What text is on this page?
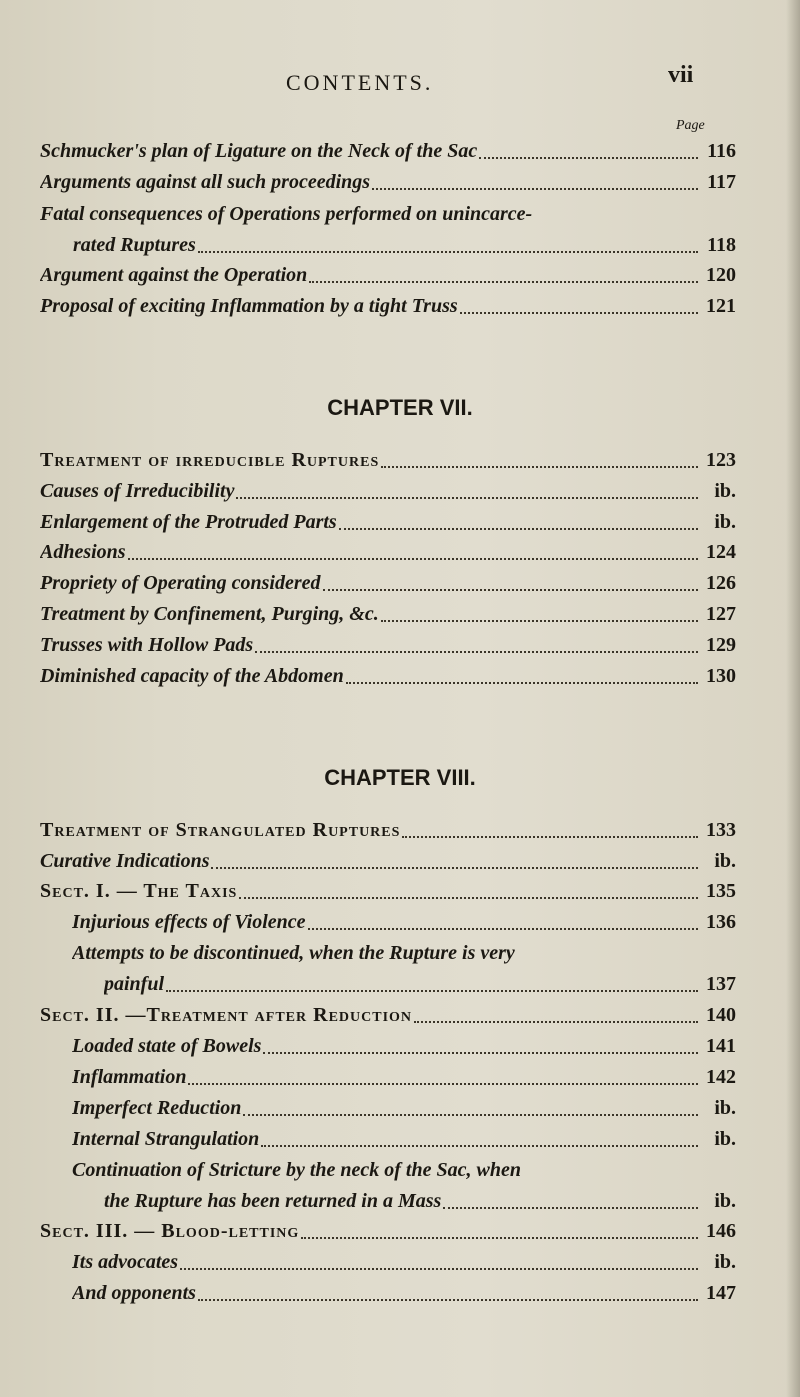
CONTENTS.	vii
Page
Schmucker's plan of Ligature on the Neck of the Sac	116
Arguments against all such proceedings	117
Fatal consequences of Operations performed on unincarce-
rated Ruptures	118
Argument against the Operation	120
Proposal of exciting Inflammation by a tight Truss	121
CHAPTER VII.
Treatment of irreducible Ruptures	123
Causes of Irreducibility	ib.
Enlargement of the Protruded Parts	ib.
Adhesions	124
Propriety of Operating considered	126
Treatment by Confinement, Purging, &c.	127
Trusses with Hollow Pads	129
Diminished capacity of the Abdomen	130
CHAPTER VIII.
Treatment of Strangulated Ruptures	133
Curative Indications	ib.
Sect. I. — The Taxis	135
Injurious effects of Violence	136
Attempts to be discontinued, when the Rupture is very
painful	137
Sect. II. —Treatment after Reduction	140
Loaded state of Bowels	141
Inflammation	142
Imperfect Reduction	ib.
Internal Strangulation	ib.
Continuation of Stricture by the neck of the Sac, when
the Rupture has been returned in a Mass	ib.
Sect. III. — Blood-letting	146
Its advocates	ib.
And opponents	147
